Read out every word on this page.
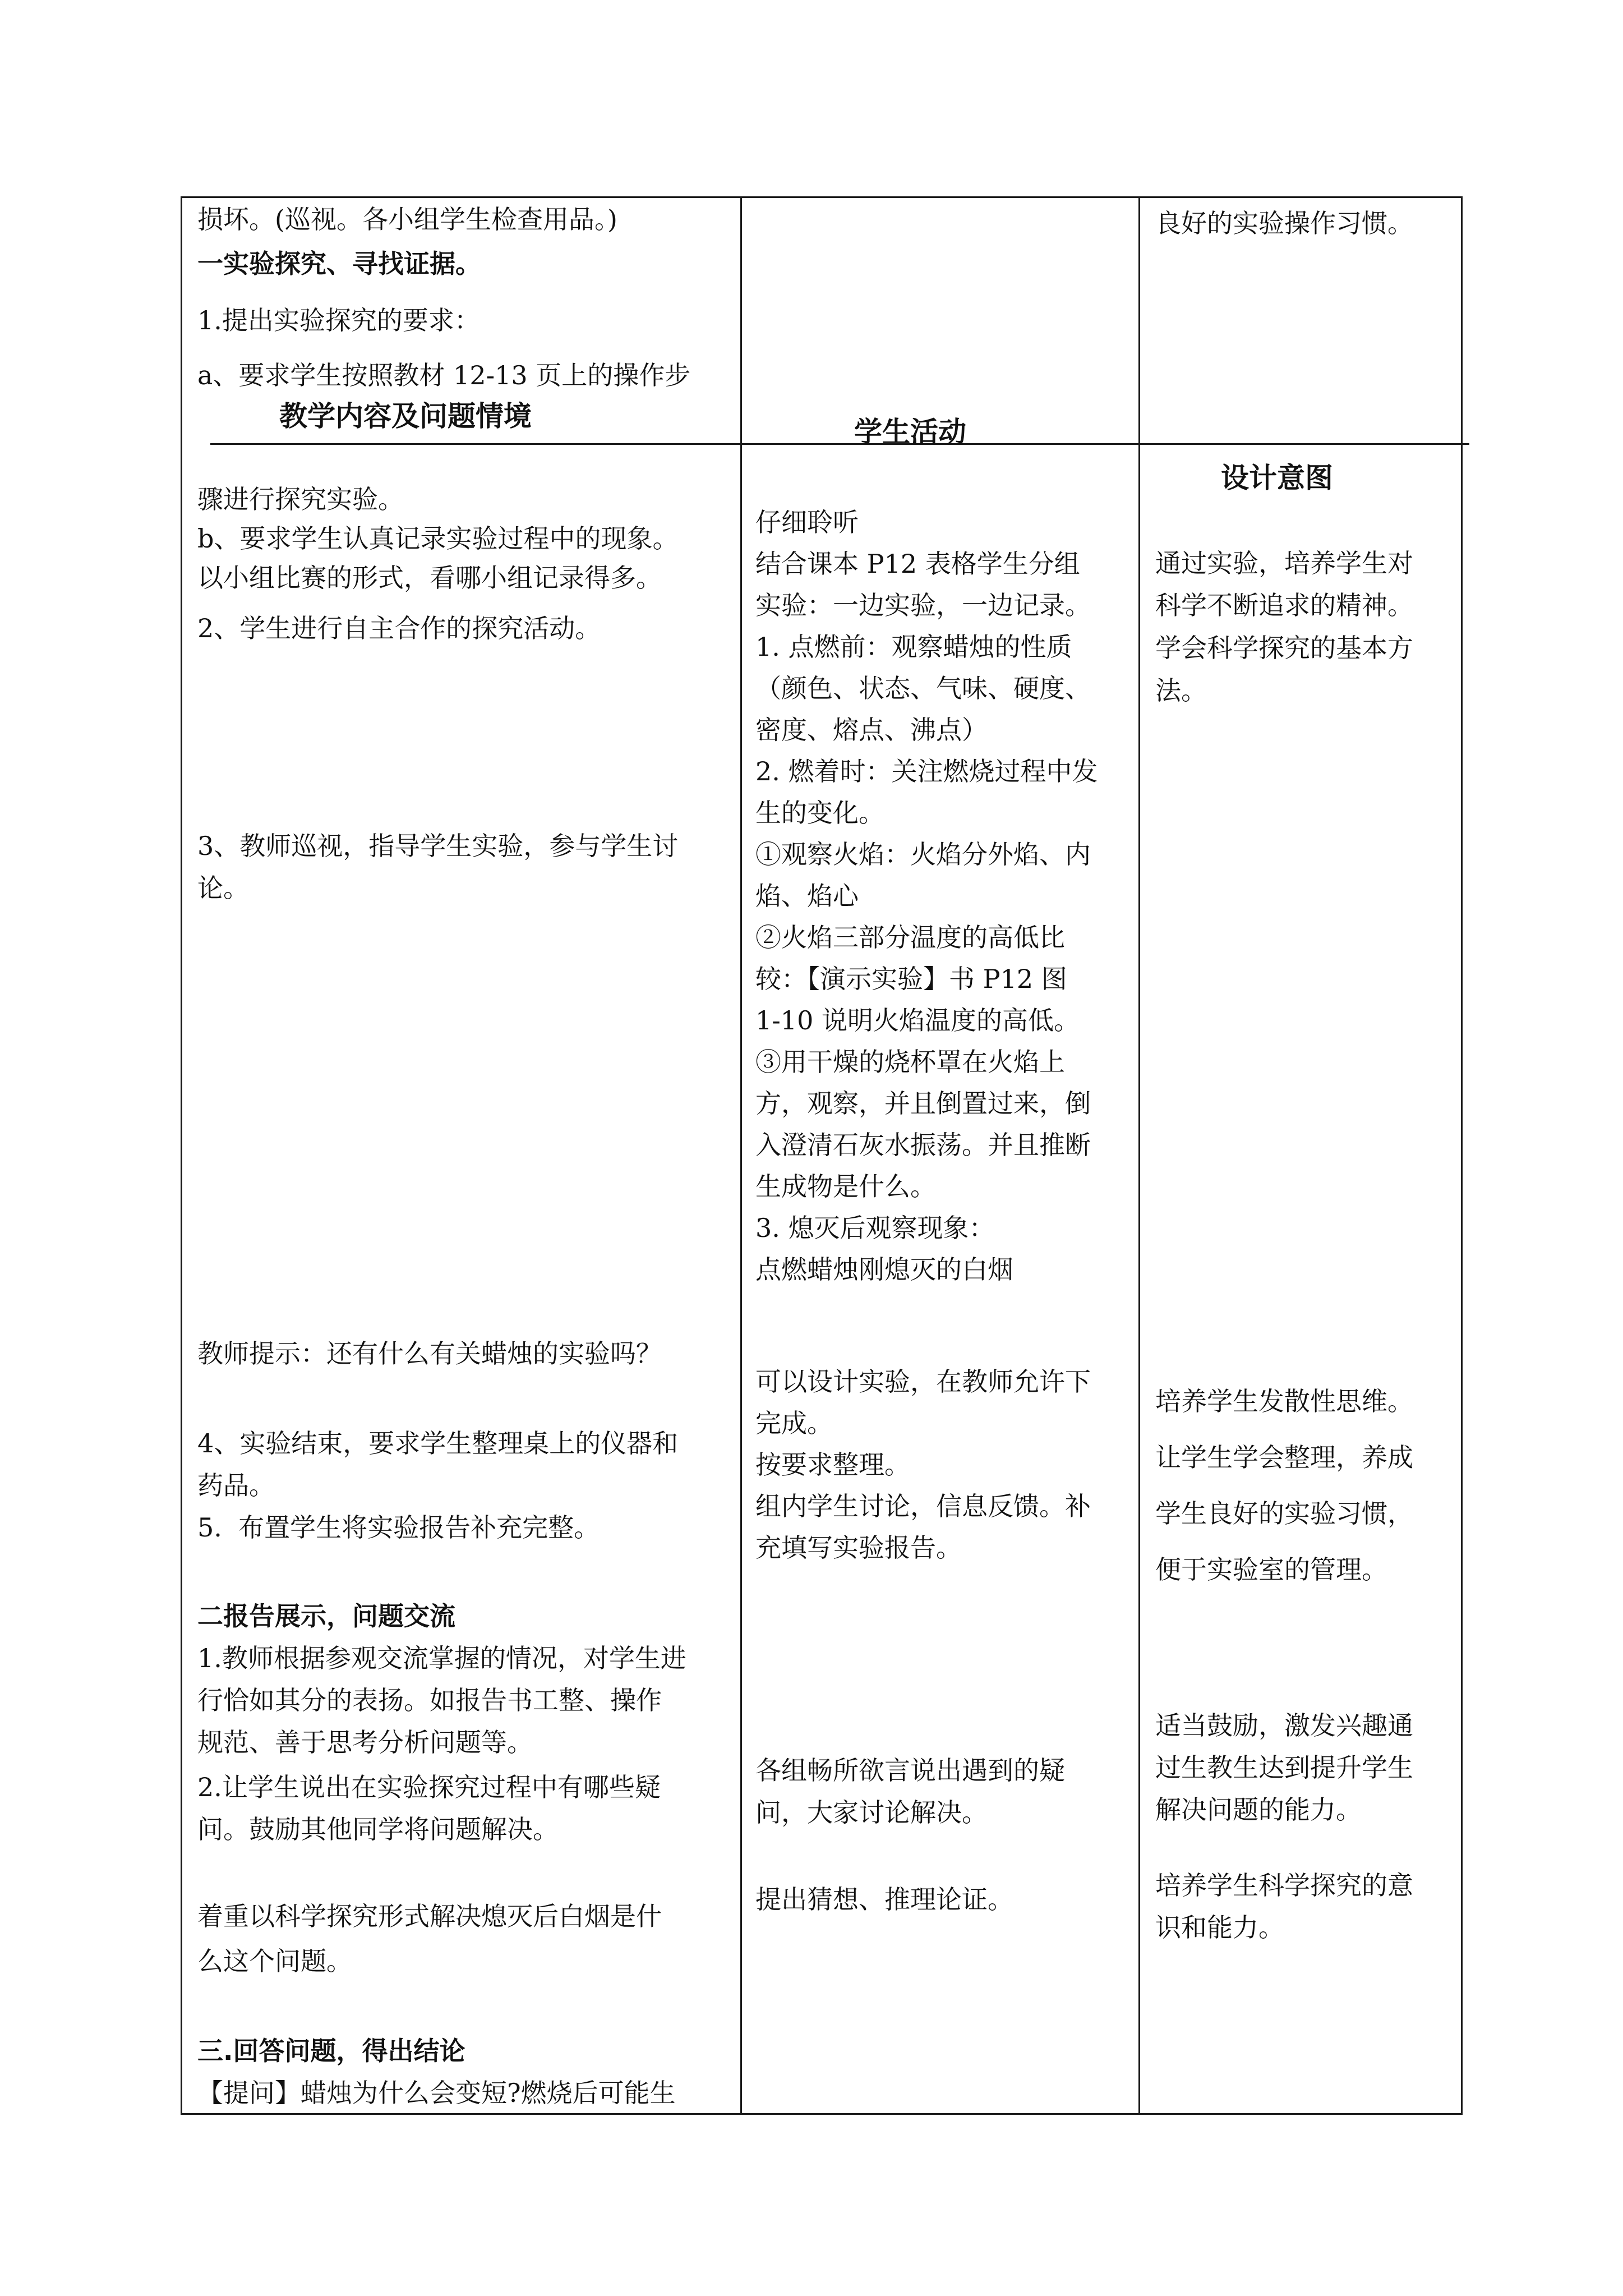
教学内容及问题情境	学生活动
设计意图

损坏。(巡视。各小组学生检查用品。)

一实验探究、寻找证据。

1.提出实验探究的要求：

a、要求学生按照教材 12-13 页上的操作步

骤进行探究实验。

b、要求学生认真记录实验过程中的现象。

以小组比赛的形式，看哪小组记录得多。

2、学生进行自主合作的探究活动。

3、教师巡视，指导学生实验，参与学生讨

论。

教师提示：还有什么有关蜡烛的实验吗？

4、实验结束，要求学生整理桌上的仪器和

药品。

5.  布置学生将实验报告补充完整。

二报告展示，问题交流

1.教师根据参观交流掌握的情况，对学生进

行恰如其分的表扬。如报告书工整、操作

规范、善于思考分析问题等。

2.让学生说出在实验探究过程中有哪些疑

问。鼓励其他同学将问题解决。

着重以科学探究形式解决熄灭后白烟是什

么这个问题。

三.回答问题，得出结论

【提问】蜡烛为什么会变短?燃烧后可能生

仔细聆听

结合课本 P12 表格学生分组

实验：一边实验，一边记录。

1. 点燃前：观察蜡烛的性质

（颜色、状态、气味、硬度、

密度、熔点、沸点）

2. 燃着时：关注燃烧过程中发

生的变化。

①观察火焰：火焰分外焰、内

焰、焰心

②火焰三部分温度的高低比

较：【演示实验】书 P12 图

1-10 说明火焰温度的高低。

③用干燥的烧杯罩在火焰上

方，观察，并且倒置过来，倒

入澄清石灰水振荡。并且推断

生成物是什么。

3. 熄灭后观察现象：

点燃蜡烛刚熄灭的白烟

可以设计实验，在教师允许下

完成。

按要求整理。

组内学生讨论，信息反馈。补

充填写实验报告。

各组畅所欲言说出遇到的疑

问，大家讨论解决。

提出猜想、推理论证。

良好的实验操作习惯。

通过实验，培养学生对

科学不断追求的精神。

学会科学探究的基本方

法。

培养学生发散性思维。

让学生学会整理，养成

学生良好的实验习惯，

便于实验室的管理。

适当鼓励，激发兴趣通

过生教生达到提升学生

解决问题的能力。

培养学生科学探究的意

识和能力。
